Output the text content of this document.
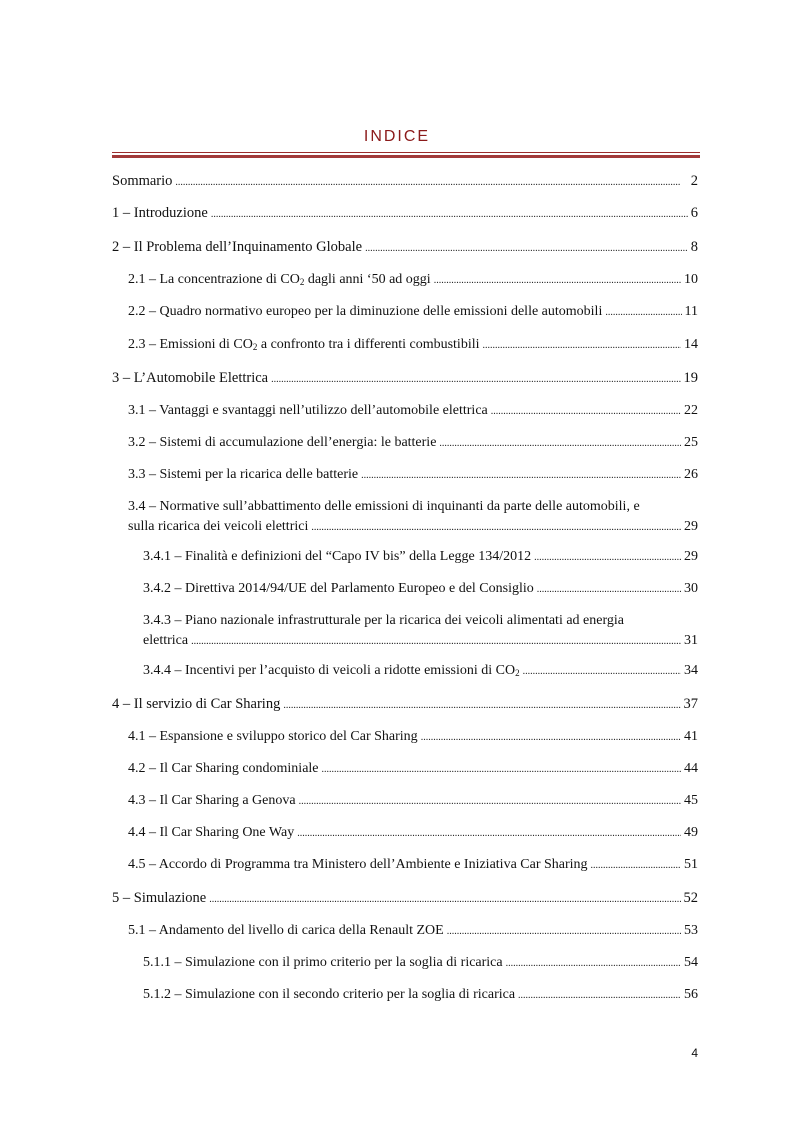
INDICE
Sommario .....	2
1 – Introduzione .....	6
2 – Il Problema dell’Inquinamento Globale .....	8
2.1 – La concentrazione di $CO_2$ dagli anni ‘50 ad oggi .....	10
2.2 – Quadro normativo europeo per la diminuzione delle emissioni delle automobili .....	11
2.3 – Emissioni di $CO_2$ a confronto tra i differenti combustibili .....	14
3 – L’Automobile Elettrica .....	19
3.1 – Vantaggi e svantaggi nell’utilizzo dell’automobile elettrica .....	22
3.2 – Sistemi di accumulazione dell’energia: le batterie .....	25
3.3 – Sistemi per la ricarica delle batterie .....	26
3.4 – Normative sull’abbattimento delle emissioni di inquinanti da parte delle automobili, e
sulla ricarica dei veicoli elettrici .....	29
3.4.1 – Finalità e definizioni del “Capo IV bis” della Legge 134/2012 .....	29
3.4.2 – Direttiva 2014/94/UE del Parlamento Europeo e del Consiglio .....	30
3.4.3 – Piano nazionale infrastrutturale per la ricarica dei veicoli alimentati ad energia
elettrica .....	31
3.4.4 – Incentivi per l’acquisto di veicoli a ridotte emissioni di $CO_2$ .....	34
4 – Il servizio di Car Sharing .....	37
4.1 – Espansione e sviluppo storico del Car Sharing .....	41
4.2 – Il Car Sharing condominiale .....	44
4.3 – Il Car Sharing a Genova .....	45
4.4 – Il Car Sharing One Way .....	49
4.5 – Accordo di Programma tra Ministero dell’Ambiente e Iniziativa Car Sharing .....	51
5 – Simulazione .....	52
5.1 – Andamento del livello di carica della Renault ZOE .....	53
5.1.1 – Simulazione con il primo criterio per la soglia di ricarica .....	54
5.1.2 – Simulazione con il secondo criterio per la soglia di ricarica .....	56
4
